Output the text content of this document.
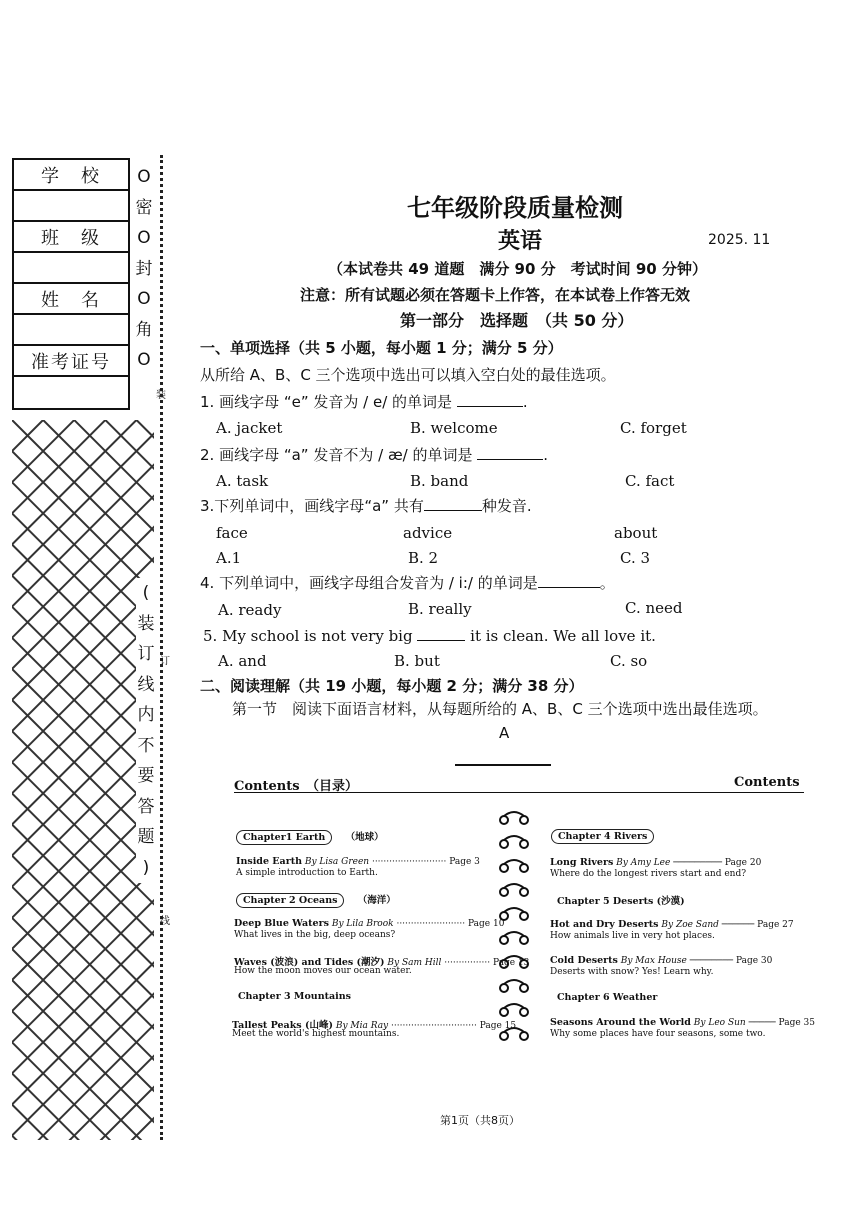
学　校
班　级
姓　名
准考证号
O
密
O
封
O
角
O
装
(
装
订
线
内
不
要
答
题
)
订
线
七年级阶段质量检测
英语	2025. 11
（本试卷共 49 道题　满分 90 分　考试时间 90 分钟）
注意：所有试题必须在答题卡上作答，在本试卷上作答无效
第一部分　选择题　（共 50 分）
一、单项选择（共 5 小题，每小题 1 分；满分 5 分）
从所给 A、B、C 三个选项中选出可以填入空白处的最佳选项。
1. 画线字母 “e” 发音为 / e/ 的单词是	.
A. jacket	B. welcome	C. forget
2. 画线字母 “a” 发音不为 / æ/ 的单词是	.
A. task	B. band	C. fact
3.下列单词中，画线字母“a” 共有	种发音.
face	advice	about
A.1	B. 2	C. 3
4. 下列单词中，画线字母组合发音为 / i:/ 的单词是	。
A. ready	B. really	C. need
5. My school is not very big	it is clean. We all love it.
A. and	B. but	C. so
二、阅读理解（共 19 小题，每小题 2 分；满分 38 分）
第一节　阅读下面语言材料，从每题所给的 A、B、C 三个选项中选出最佳选项。
A
Contents　（目录）	Contents
Chapter1 Earth （地球）
Inside Earth By Lisa Green ·························· Page 3
A simple introduction to Earth.
Chapter 2 Oceans （海洋）
Deep Blue Waters By Lila Brook ························ Page 10
What lives in the big, deep oceans?
Waves (波浪) and Tides (潮汐) By Sam Hill ················ Page 13
How the moon moves our ocean water.
Chapter 3 Mountains
Tallest Peaks (山峰) By Mia Ray ······························ Page 15
Meet the world's highest mountains.
Chapter 4 Rivers
Long Rivers By Amy Lee ───────── Page 20
Where do the longest rivers start and end?
Chapter 5 Deserts (沙漠)
Hot and Dry Deserts By Zoe Sand ────── Page 27
How animals live in very hot places.
Cold Deserts By Max House ──────── Page 30
Deserts with snow? Yes! Learn why.
Chapter 6 Weather
Seasons Around the World By Leo Sun ───── Page 35
Why some places have four seasons, some two.
第1页（共8页）
